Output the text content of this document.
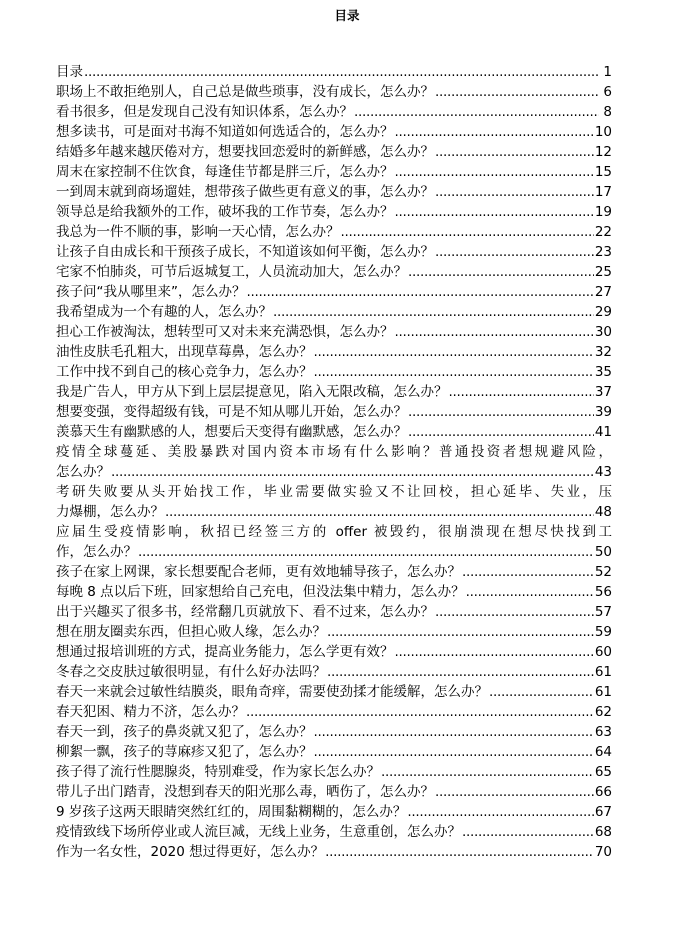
目录
目录 .....	1
职场上不敢拒绝别人，自己总是做些琐事，没有成长，怎么办？ .....	6
看书很多，但是发现自己没有知识体系，怎么办？ .....	8
想多读书，可是面对书海不知道如何选适合的，怎么办？ .....	10
结婚多年越来越厌倦对方，想要找回恋爱时的新鲜感，怎么办？ .....	12
周末在家控制不住饮食，每逢佳节都是胖三斤，怎么办？ .....	15
一到周末就到商场遛娃，想带孩子做些更有意义的事，怎么办？ .....	17
领导总是给我额外的工作，破坏我的工作节奏，怎么办？ .....	19
我总为一件不顺的事，影响一天心情，怎么办？ .....	22
让孩子自由成长和干预孩子成长，不知道该如何平衡，怎么办？ .....	23
宅家不怕肺炎，可节后返城复工，人员流动加大，怎么办？ .....	25
孩子问“我从哪里来”，怎么办？ .....	27
我希望成为一个有趣的人，怎么办？ .....	29
担心工作被淘汰，想转型可又对未来充满恐惧，怎么办？ .....	30
油性皮肤毛孔粗大，出现草莓鼻，怎么办？ .....	32
工作中找不到自己的核心竞争力，怎么办？ .....	35
我是广告人，甲方从下到上层层提意见，陷入无限改稿，怎么办？ .....	37
想要变强，变得超级有钱，可是不知从哪儿开始，怎么办？ .....	39
羡慕天生有幽默感的人，想要后天变得有幽默感，怎么办？ .....	41
疫情全球蔓延、美股暴跌对国内资本市场有什么影响？普通投资者想规避风险，
怎么办？ .....	43
考研失败要从头开始找工作，毕业需要做实验又不让回校，担心延毕、失业，压
力爆棚，怎么办？ .....	48
应届生受疫情影响，秋招已经签三方的 offer 被毁约，很崩溃现在想尽快找到工
作，怎么办？ .....	50
孩子在家上网课，家长想要配合老师，更有效地辅导孩子，怎么办？ .....	52
每晚 8 点以后下班，回家想给自己充电，但没法集中精力，怎么办？ .....	56
出于兴趣买了很多书，经常翻几页就放下、看不过来，怎么办？ .....	57
想在朋友圈卖东西，但担心败人缘，怎么办？ .....	59
想通过报培训班的方式，提高业务能力，怎么学更有效？ .....	60
冬春之交皮肤过敏很明显，有什么好办法吗？ .....	61
春天一来就会过敏性结膜炎，眼角奇痒，需要使劲揉才能缓解，怎么办？ .....	61
春天犯困、精力不济，怎么办？ .....	62
春天一到，孩子的鼻炎就又犯了，怎么办？ .....	63
柳絮一飘，孩子的荨麻疹又犯了，怎么办？ .....	64
孩子得了流行性腮腺炎，特别难受，作为家长怎么办？ .....	65
带儿子出门踏青，没想到春天的阳光那么毒，晒伤了，怎么办？ .....	66
9 岁孩子这两天眼睛突然红红的，周围黏糊糊的，怎么办？ .....	67
疫情致线下场所停业或人流巨减，无线上业务，生意重创，怎么办？ .....	68
作为一名女性，2020 想过得更好，怎么办？ .....	70
